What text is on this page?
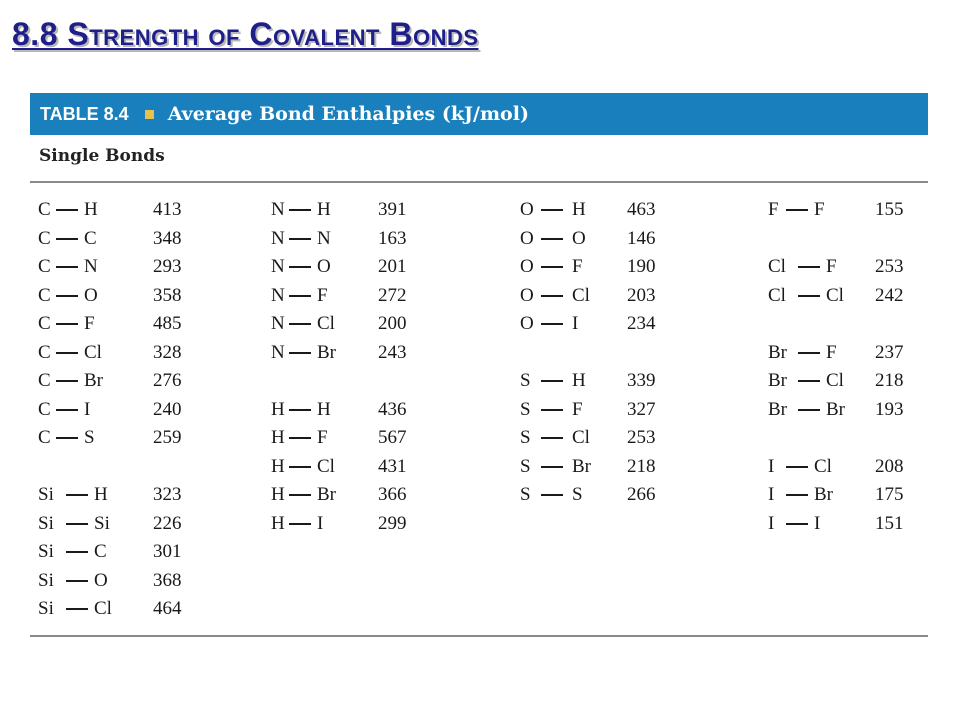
8.8 Strength of Covalent Bonds
TABLE 8.4 Average Bond Enthalpies (kJ/mol)
Single Bonds
C H	413
C C	348
C N	293
C O	358
C F	485
C Cl	328
C Br	276
C I	240
C S	259
Si H 323
Si Si 226
Si C 301
Si O 368
Si Cl 464
N H 391
N N 163
N O 201
N F	272
N Cl 200
N Br 243
H H 436
H F	567
H Cl 431
H Br 366
H I	299
O H 463
O O 146
O F 190
O Cl 203
O I	234
S H 339
S F 327
S Cl 253
S Br 218
S S 266
F F	155
Cl F 253
Cl Cl 242
Br F 237
Br Cl 218
Br Br 193
I Cl 208
I Br 175
I I	151
